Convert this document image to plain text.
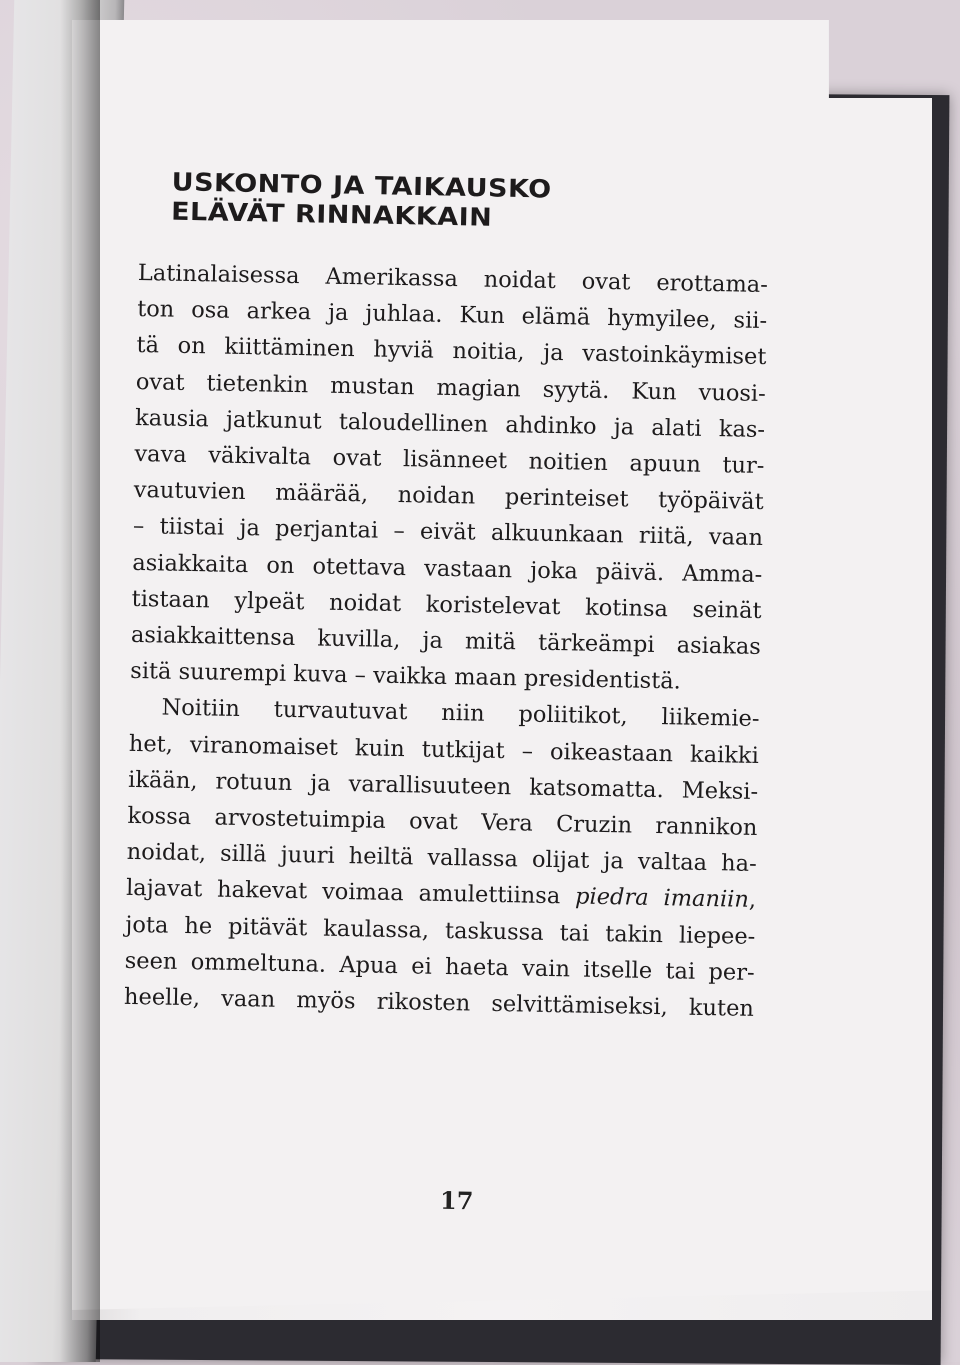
USKONTO JA TAIKAUSKO
ELÄVÄT RINNAKKAIN

Latinalaisessa Amerikassa noidat ovat erottama-
ton osa arkea ja juhlaa. Kun elämä hymyilee, sii-
tä on kiittäminen hyviä noitia, ja vastoinkäymiset
ovat tietenkin mustan magian syytä. Kun vuosi-
kausia jatkunut taloudellinen ahdinko ja alati kas-
vava väkivalta ovat lisänneet noitien apuun tur-
vautuvien määrää, noidan perinteiset työpäivät
– tiistai ja perjantai – eivät alkuunkaan riitä, vaan
asiakkaita on otettava vastaan joka päivä. Amma-
tistaan ylpeät noidat koristelevat kotinsa seinät
asiakkaittensa kuvilla, ja mitä tärkeämpi asiakas
sitä suurempi kuva – vaikka maan presidentistä.

Noitiin turvautuvat niin poliitikot, liikemie-
het, viranomaiset kuin tutkijat – oikeastaan kaikki
ikään, rotuun ja varallisuuteen katsomatta. Meksi-
kossa arvostetuimpia ovat Vera Cruzin rannikon
noidat, sillä juuri heiltä vallassa olijat ja valtaa ha-
lajavat hakevat voimaa amulettiinsa piedra imaniin,
jota he pitävät kaulassa, taskussa tai takin liepee-
seen ommeltuna. Apua ei haeta vain itselle tai per-
heelle, vaan myös rikosten selvittämiseksi, kuten

17
